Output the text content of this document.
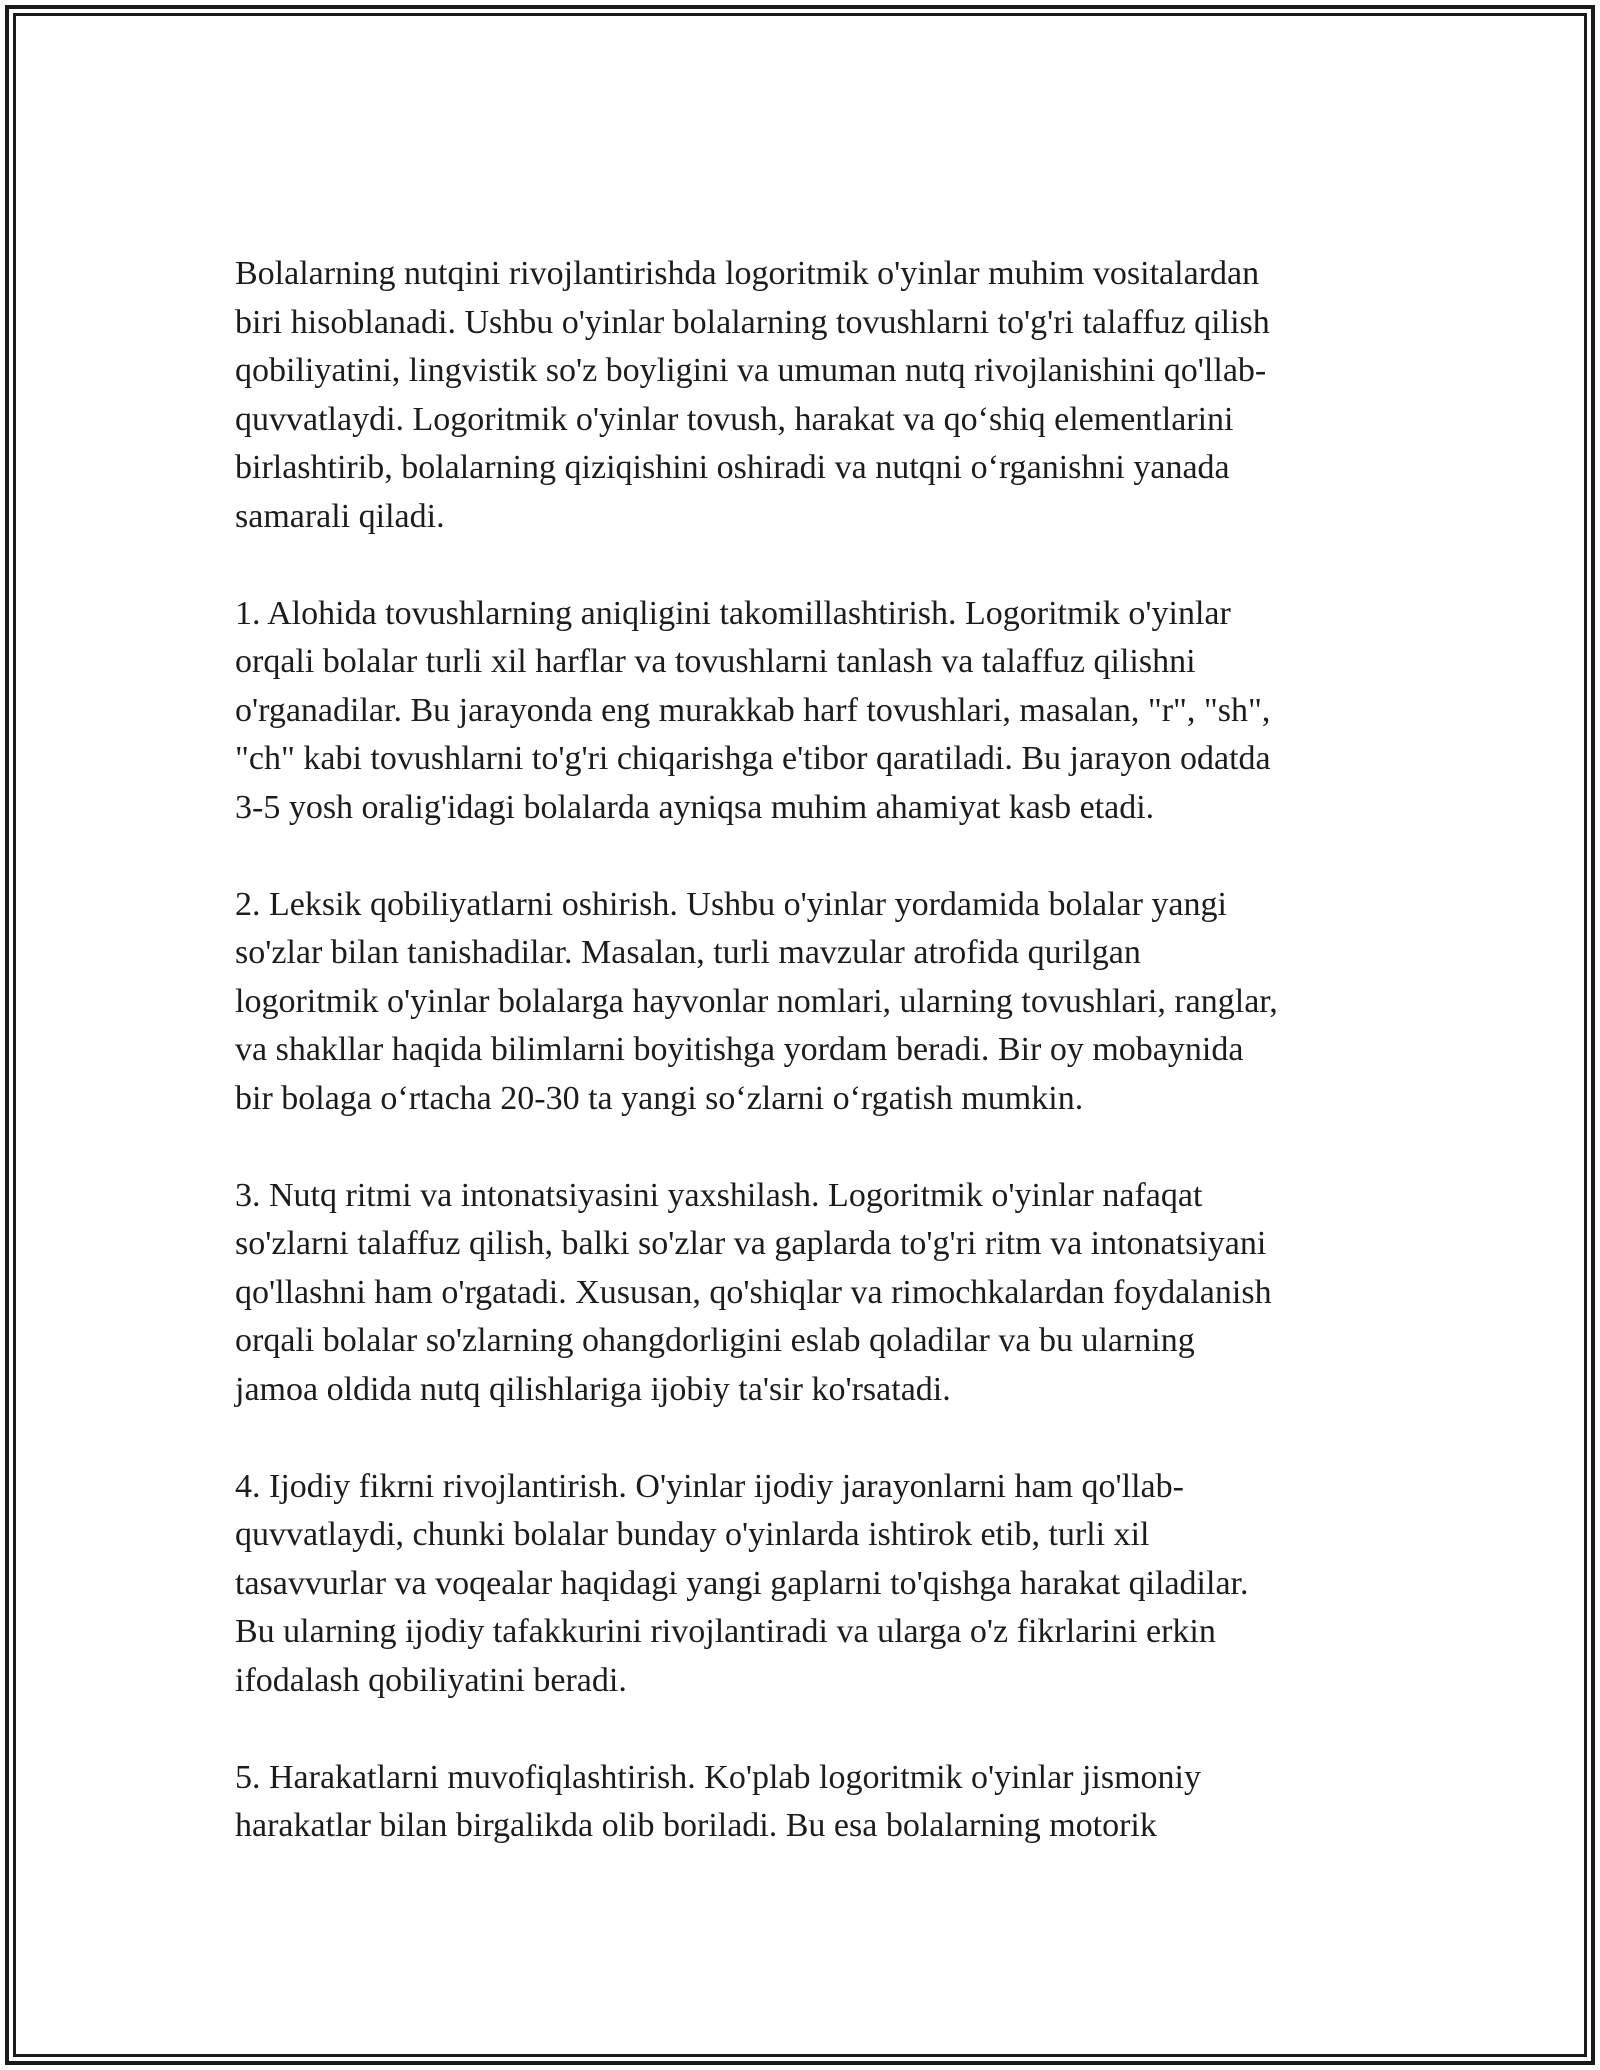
Bolalarning nutqini rivojlantirishda logoritmik o'yinlar muhim vositalardan
biri hisoblanadi. Ushbu o'yinlar bolalarning tovushlarni to'g'ri talaffuz qilish
qobiliyatini, lingvistik so'z boyligini va umuman nutq rivojlanishini qo'llab-
quvvatlaydi. Logoritmik o'yinlar tovush, harakat va qo‘shiq elementlarini
birlashtirib, bolalarning qiziqishini oshiradi va nutqni o‘rganishni yanada
samarali qiladi.

1. Alohida tovushlarning aniqligini takomillashtirish. Logoritmik o'yinlar
orqali bolalar turli xil harflar va tovushlarni tanlash va talaffuz qilishni
o'rganadilar. Bu jarayonda eng murakkab harf tovushlari, masalan, "r", "sh",
"ch" kabi tovushlarni to'g'ri chiqarishga e'tibor qaratiladi. Bu jarayon odatda
3-5 yosh oralig'idagi bolalarda ayniqsa muhim ahamiyat kasb etadi.

2. Leksik qobiliyatlarni oshirish. Ushbu o'yinlar yordamida bolalar yangi
so'zlar bilan tanishadilar. Masalan, turli mavzular atrofida qurilgan
logoritmik o'yinlar bolalarga hayvonlar nomlari, ularning tovushlari, ranglar,
va shakllar haqida bilimlarni boyitishga yordam beradi. Bir oy mobaynida
bir bolaga o‘rtacha 20-30 ta yangi so‘zlarni o‘rgatish mumkin.

3. Nutq ritmi va intonatsiyasini yaxshilash. Logoritmik o'yinlar nafaqat
so'zlarni talaffuz qilish, balki so'zlar va gaplarda to'g'ri ritm va intonatsiyani
qo'llashni ham o'rgatadi. Xususan, qo'shiqlar va rimochkalardan foydalanish
orqali bolalar so'zlarning ohangdorligini eslab qoladilar va bu ularning
jamoa oldida nutq qilishlariga ijobiy ta'sir ko'rsatadi.

4. Ijodiy fikrni rivojlantirish. O'yinlar ijodiy jarayonlarni ham qo'llab-
quvvatlaydi, chunki bolalar bunday o'yinlarda ishtirok etib, turli xil
tasavvurlar va voqealar haqidagi yangi gaplarni to'qishga harakat qiladilar.
Bu ularning ijodiy tafakkurini rivojlantiradi va ularga o'z fikrlarini erkin
ifodalash qobiliyatini beradi.

5. Harakatlarni muvofiqlashtirish. Ko'plab logoritmik o'yinlar jismoniy
harakatlar bilan birgalikda olib boriladi. Bu esa bolalarning motorik
